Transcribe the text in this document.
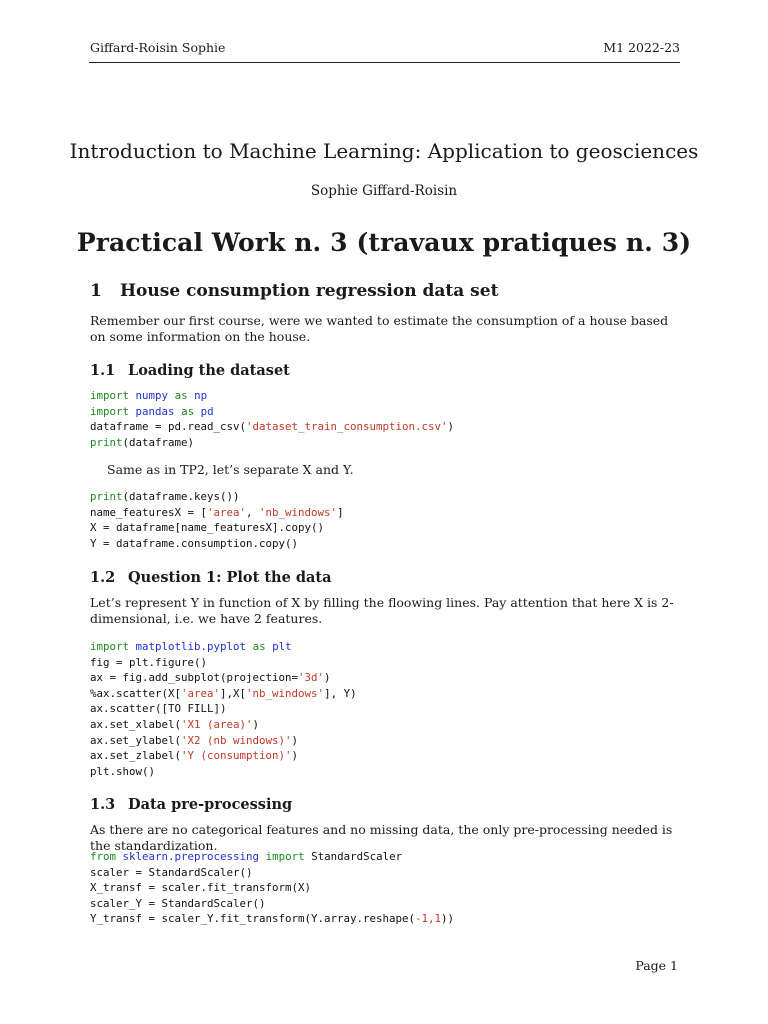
Giffard-Roisin Sophie	M1 2022-23
Introduction to Machine Learning: Application to geosciences
Sophie Giffard-Roisin
Practical Work n. 3 (travaux pratiques n. 3)
1 House consumption regression data set
Remember our first course, were we wanted to estimate the consumption of a house based on some information on the house.
1.1 Loading the dataset
import numpy as np
import pandas as pd
dataframe = pd.read_csv('dataset_train_consumption.csv')
print(dataframe)
Same as in TP2, let’s separate X and Y.
print(dataframe.keys())
name_featuresX = ['area', 'nb_windows']
X = dataframe[name_featuresX].copy()
Y = dataframe.consumption.copy()
1.2 Question 1: Plot the data
Let’s represent Y in function of X by filling the floowing lines. Pay attention that here X is 2-dimensional, i.e. we have 2 features.
import matplotlib.pyplot as plt
fig = plt.figure()
ax = fig.add_subplot(projection='3d')
%ax.scatter(X['area'],X['nb_windows'], Y)
ax.scatter([TO FILL])
ax.set_xlabel('X1 (area)')
ax.set_ylabel('X2 (nb windows)')
ax.set_zlabel('Y (consumption)')
plt.show()
1.3 Data pre-processing
As there are no categorical features and no missing data, the only pre-processing needed is the standardization.
from sklearn.preprocessing import StandardScaler
scaler = StandardScaler()
X_transf = scaler.fit_transform(X)
scaler_Y = StandardScaler()
Y_transf = scaler_Y.fit_transform(Y.array.reshape(-1,1))
Page 1
